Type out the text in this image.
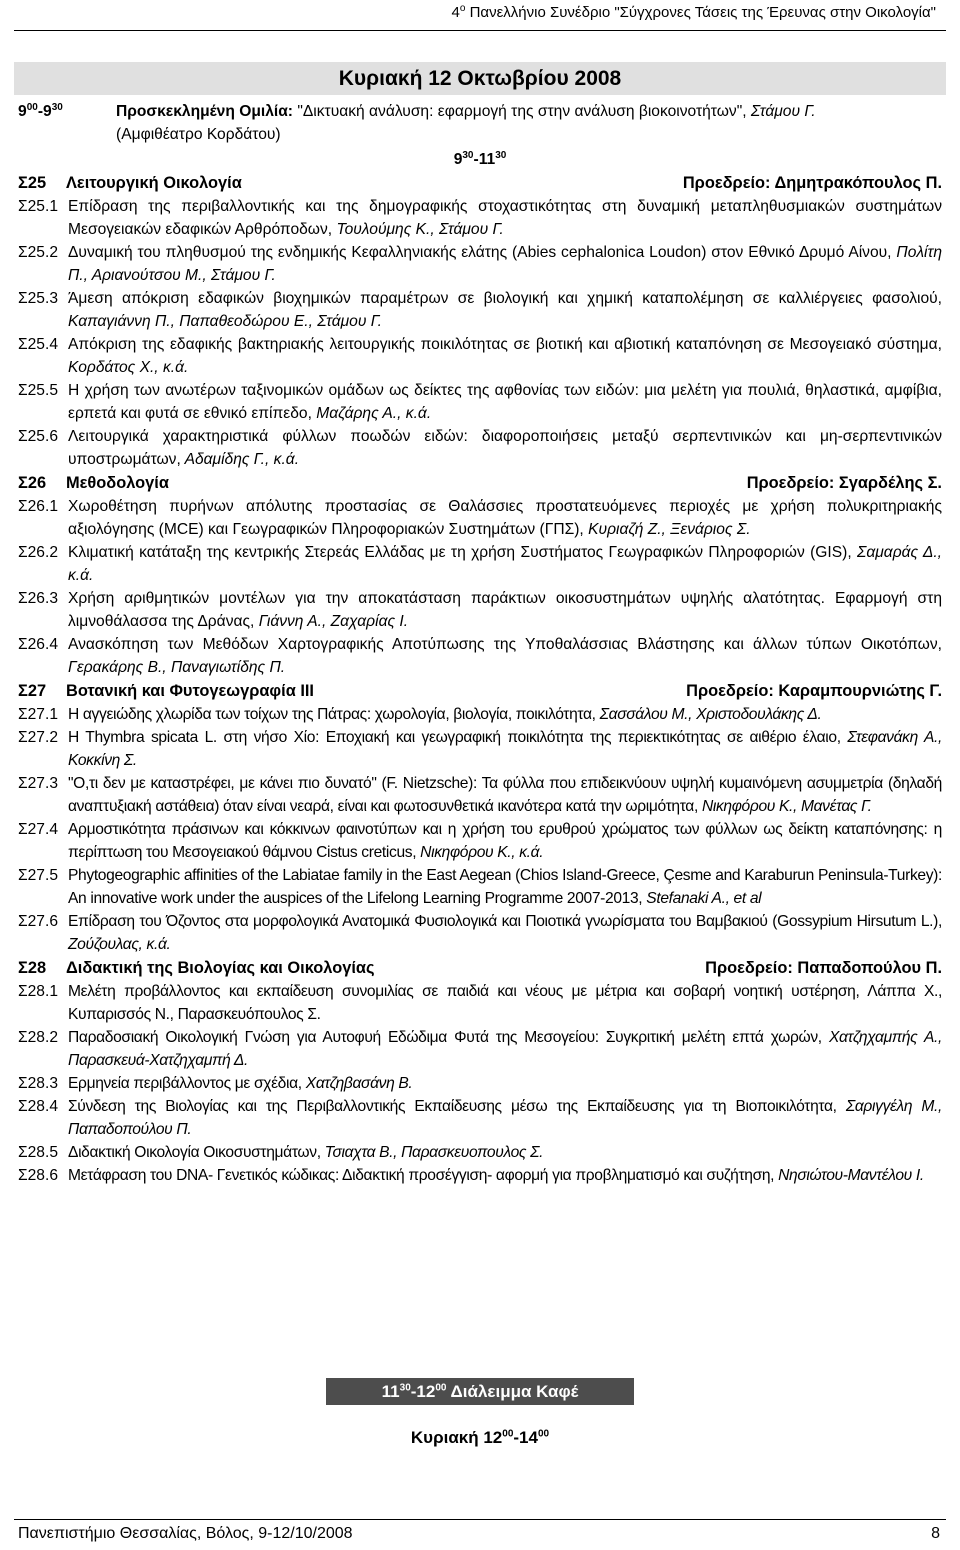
$4^o$ Πανελλήνιο Συνέδριο "Σύγχρονες Τάσεις της Έρευνας στην Οικολογία"
Κυριακή 12 Οκτωβρίου 2008
$9^{00}-9^{30}$	Προσκεκλημένη Ομιλία: "Δικτυακή ανάλυση: εφαρμογή της στην ανάλυση βιοκοινοτήτων", Στάμου Γ.
(Αμφιθέατρο Κορδάτου)
$9^{30}-11^{30}$
Σ25	Λειτουργική Οικολογία	Προεδρείο: Δημητρακόπουλος Π.
Σ25.1 Επίδραση της περιβαλλοντικής και της δημογραφικής στοχαστικότητας στη δυναμική μεταπληθυσμιακών συστημάτων Μεσογειακών εδαφικών Αρθρόποδων, Τουλούμης Κ., Στάμου Γ.
Σ25.2 Δυναμική του πληθυσμού της ενδημικής Κεφαλληνιακής ελάτης (Abies cephalonica Loudon) στον Εθνικό Δρυμό Αίνου, Πολίτη Π., Αριανούτσου Μ., Στάμου Γ.
Σ25.3 Άμεση απόκριση εδαφικών βιοχημικών παραμέτρων σε βιολογική και χημική καταπολέμηση σε καλλιέργειες φασολιού, Καπαγιάννη Π., Παπαθεοδώρου Ε., Στάμου Γ.
Σ25.4 Απόκριση της εδαφικής βακτηριακής λειτουργικής ποικιλότητας σε βιοτική και αβιοτική καταπόνηση σε Μεσογειακό σύστημα, Κορδάτος Χ., κ.ά.
Σ25.5 Η χρήση των ανωτέρων ταξινομικών ομάδων ως δείκτες της αφθονίας των ειδών: μια μελέτη για πουλιά, θηλαστικά, αμφίβια, ερπετά και φυτά σε εθνικό επίπεδο, Μαζάρης Α., κ.ά.
Σ25.6 Λειτουργικά χαρακτηριστικά φύλλων ποωδών ειδών: διαφοροποιήσεις μεταξύ σερπεντινικών και μη-σερπεντινικών υποστρωμάτων, Αδαμίδης Γ., κ.ά.
Σ26	Μεθοδολογία	Προεδρείο: Σγαρδέλης Σ.
Σ26.1 Χωροθέτηση πυρήνων απόλυτης προστασίας σε Θαλάσσιες προστατευόμενες περιοχές με χρήση πολυκριτηριακής αξιολόγησης (MCE) και Γεωγραφικών Πληροφοριακών Συστημάτων (ΓΠΣ), Κυριαζή Ζ., Ξενάριος Σ.
Σ26.2 Κλιματική κατάταξη της κεντρικής Στερεάς Ελλάδας με τη χρήση Συστήματος Γεωγραφικών Πληροφοριών (GIS), Σαμαράς Δ., κ.ά.
Σ26.3 Χρήση αριθμητικών μοντέλων για την αποκατάσταση παράκτιων οικοσυστημάτων υψηλής αλατότητας. Εφαρμογή στη λιμνοθάλασσα της Δράνας, Γιάννη Α., Ζαχαρίας Ι.
Σ26.4 Ανασκόπηση των Μεθόδων Χαρτογραφικής Αποτύπωσης της Υποθαλάσσιας Βλάστησης και άλλων τύπων Οικοτόπων, Γερακάρης Β., Παναγιωτίδης Π.
Σ27	Βοτανική και Φυτογεωγραφία ΙΙΙ	Προεδρείο: Καραμπουρνιώτης Γ.
Σ27.1 Η αγγειώδης χλωρίδα των τοίχων της Πάτρας: χωρολογία, βιολογία, ποικιλότητα, Σασσάλου Μ., Χριστοδουλάκης Δ.
Σ27.2 H Thymbra spicata L. στη νήσο Χίο: Εποχιακή και γεωγραφική ποικιλότητα της περιεκτικότητας σε αιθέριο έλαιο, Στεφανάκη Α., Κοκκίνη Σ.
Σ27.3 "Ο,τι δεν με καταστρέφει, με κάνει πιο δυνατό" (F. Nietzsche): Τα φύλλα που επιδεικνύουν υψηλή κυμαινόμενη ασυμμετρία (δηλαδή αναπτυξιακή αστάθεια) όταν είναι νεαρά, είναι και φωτοσυνθετικά ικανότερα κατά την ωριμότητα, Νικηφόρου Κ., Μανέτας Γ.
Σ27.4 Αρμοστικότητα πράσινων και κόκκινων φαινοτύπων και η χρήση του ερυθρού χρώματος των φύλλων ως δείκτη καταπόνησης: η περίπτωση του Μεσογειακού θάμνου Cistus creticus, Νικηφόρου Κ., κ.ά.
Σ27.5 Phytogeographic affinities of the Labiatae family in the East Aegean (Chios Island-Greece, Çesme and Karaburun Peninsula-Turkey): An innovative work under the auspices of the Lifelong Learning Programme 2007-2013, Stefanaki A., et al
Σ27.6 Επίδραση του Όζοντος στα μορφολογικά Ανατομικά Φυσιολογικά και Ποιοτικά γνωρίσματα του Βαμβακιού (Gossypium Hirsutum L.), Ζούζουλας, κ.ά.
Σ28	Διδακτική της Βιολογίας και Οικολογίας	Προεδρείο: Παπαδοπούλου Π.
Σ28.1 Μελέτη προβάλλοντος και εκπαίδευση συνομιλίας σε παιδιά και νέους με μέτρια και σοβαρή νοητική υστέρηση, Λάππα Χ., Κυπαρισσός Ν., Παρασκευόπουλος Σ.
Σ28.2 Παραδοσιακή Οικολογική Γνώση για Αυτοφυή Εδώδιμα Φυτά της Μεσογείου: Συγκριτική μελέτη επτά χωρών, Χατζηχαμπής Α., Παρασκευά-Χατζηχαμπή Δ.
Σ28.3 Ερμηνεία περιβάλλοντος με σχέδια, Χατζηβασάνη Β.
Σ28.4 Σύνδεση της Βιολογίας και της Περιβαλλοντικής Εκπαίδευσης μέσω της Εκπαίδευσης για τη Βιοποικιλότητα, Σαριγγέλη Μ., Παπαδοπούλου Π.
Σ28.5 Διδακτική Οικολογία Οικοσυστημάτων, Τσιαχτα Β., Παρασκευοπουλος Σ.
Σ28.6 Μετάφραση του DNA- Γενετικός κώδικας: Διδακτική προσέγγιση- αφορμή για προβληματισμό και συζήτηση, Νησιώτου-Μαντέλου Ι.
$11^{30}-12^{00}$ Διάλειμμα Καφέ
Κυριακή $12^{00}-14^{00}$
Πανεπιστήμιο Θεσσαλίας, Βόλος, 9-12/10/2008	8
